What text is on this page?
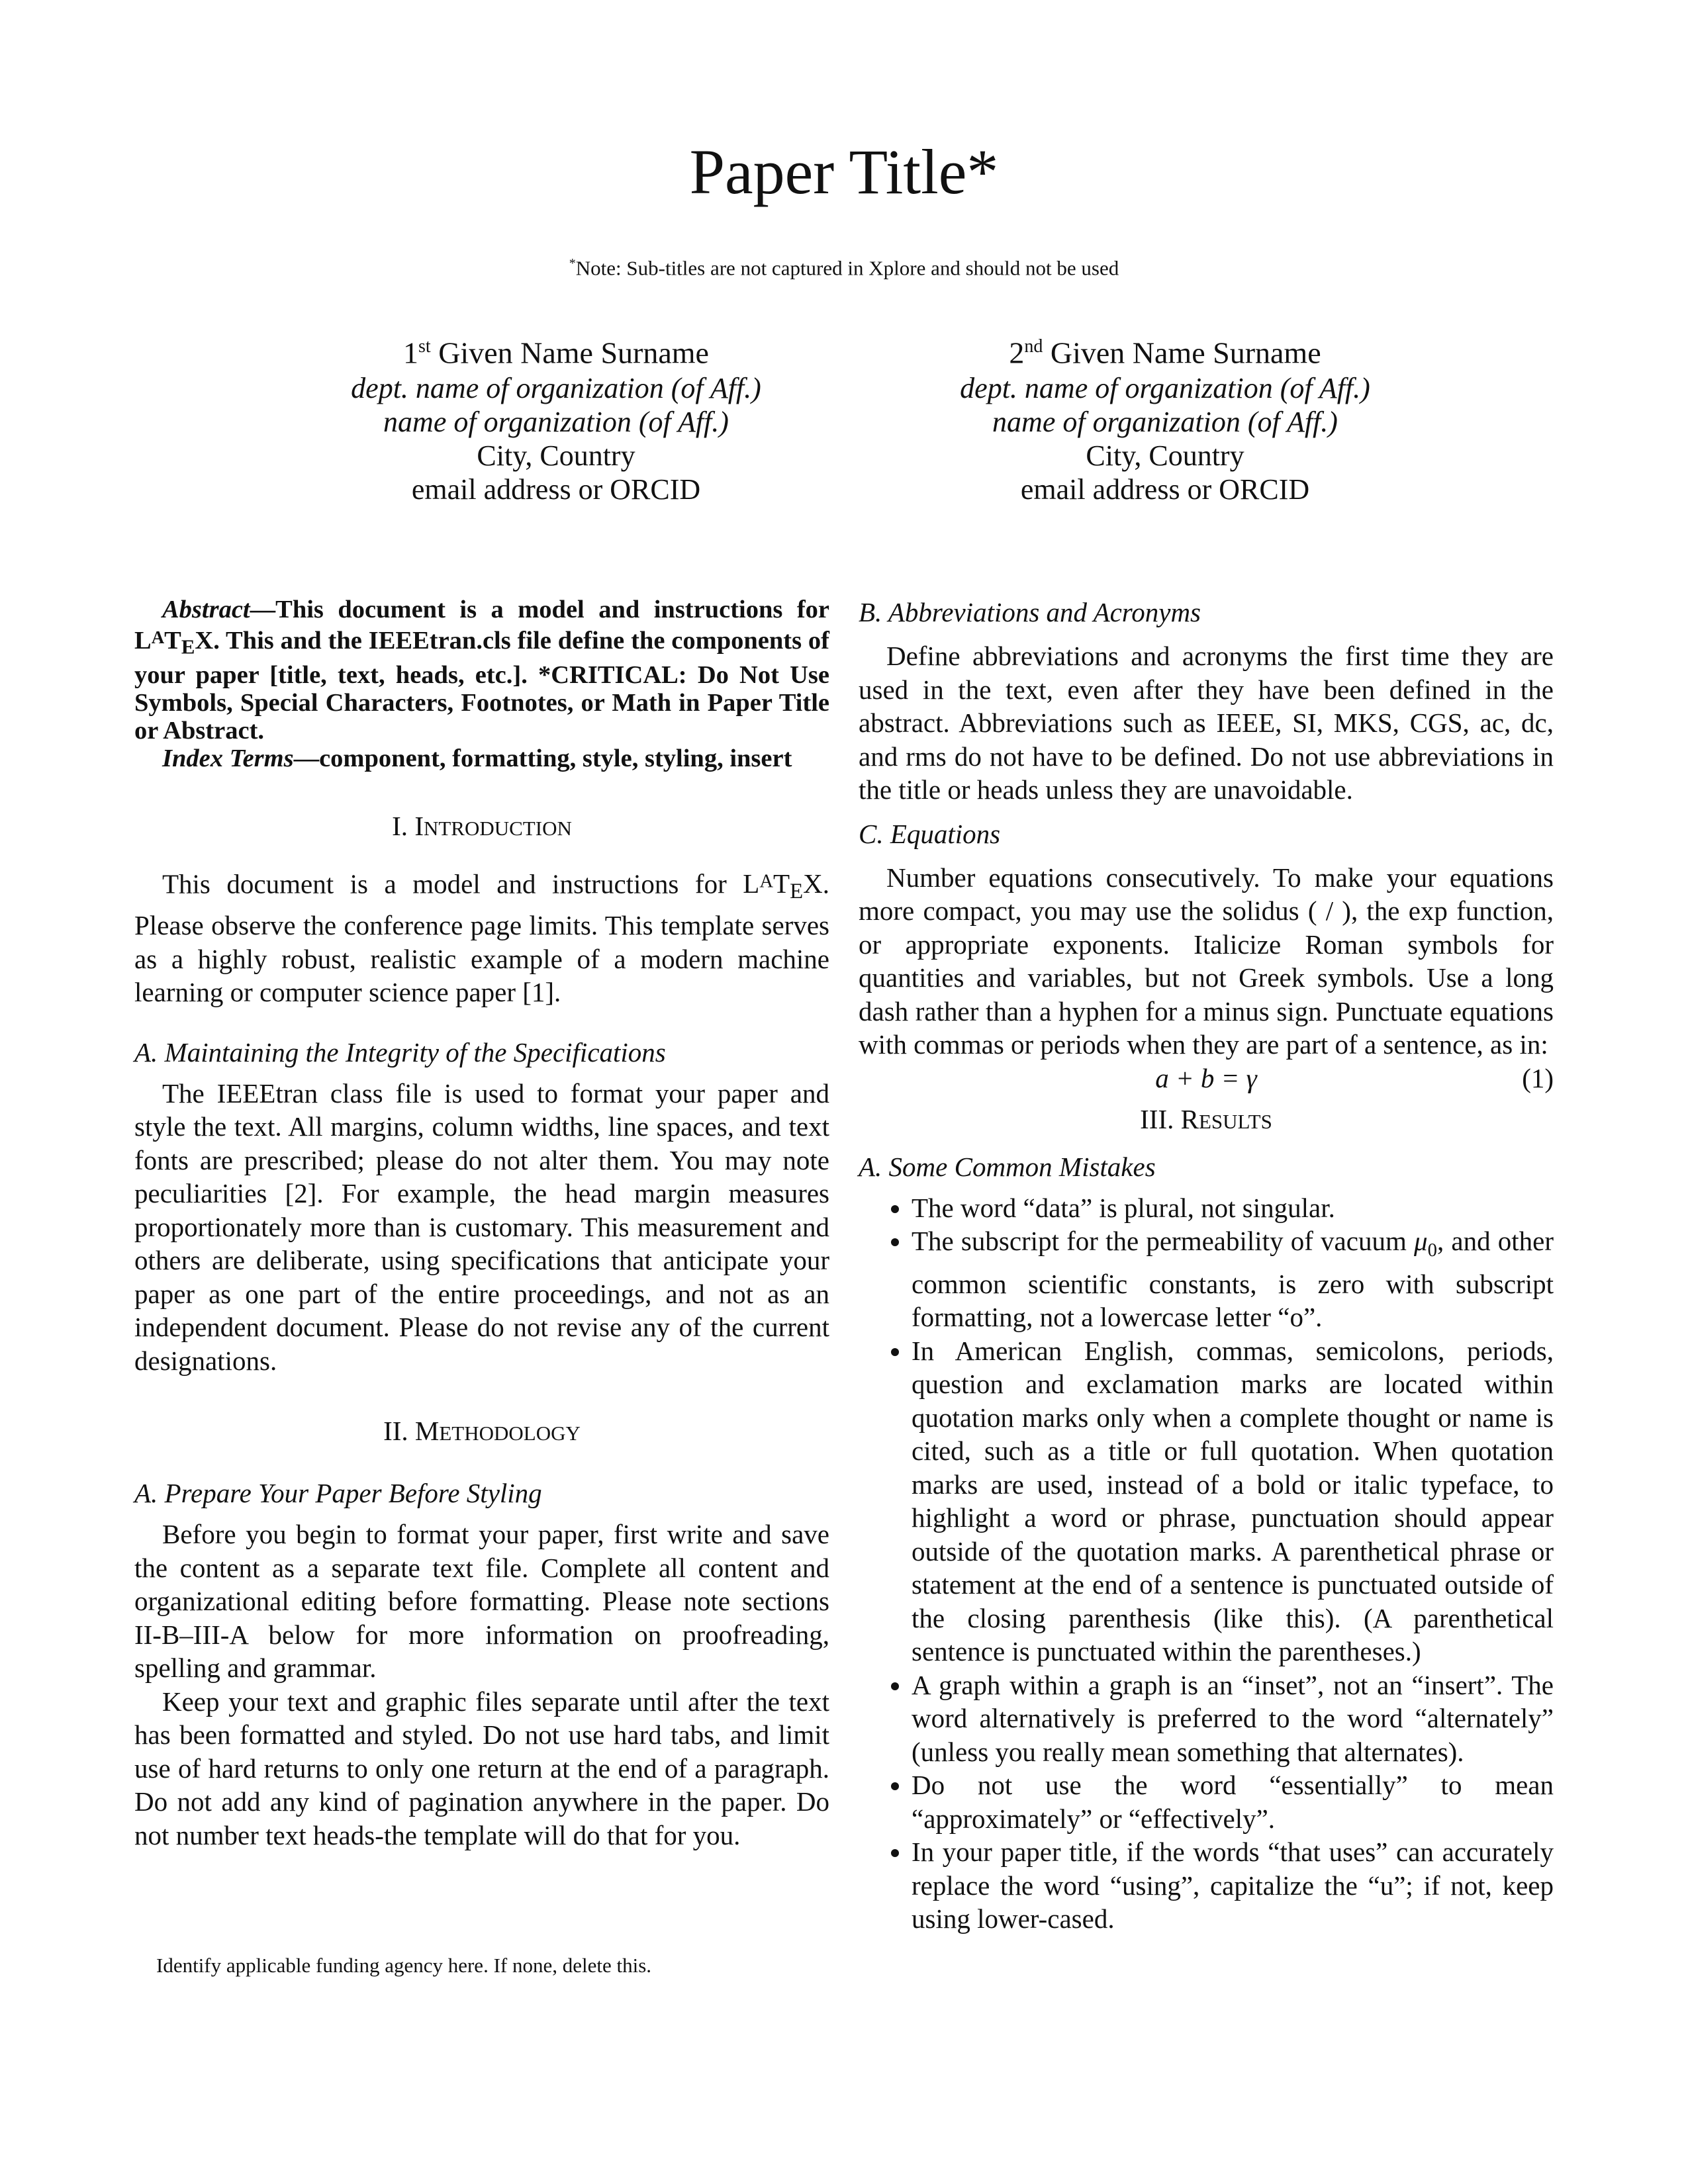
Paper Title*
*Note: Sub-titles are not captured in Xplore and should not be used
1st Given Name Surname
dept. name of organization (of Aff.)
name of organization (of Aff.)
City, Country
email address or ORCID
2nd Given Name Surname
dept. name of organization (of Aff.)
name of organization (of Aff.)
City, Country
email address or ORCID

Abstract—This document is a model and instructions for $L^AT_EX$. This and the IEEEtran.cls file define the components of your paper [title, text, heads, etc.]. *CRITICAL: Do Not Use Symbols, Special Characters, Footnotes, or Math in Paper Title or Abstract.

Index Terms—component, formatting, style, styling, insert

I. INTRODUCTION

This document is a model and instructions for $L^AT_EX$. Please observe the conference page limits. This template serves as a highly robust, realistic example of a modern machine learning or computer science paper [1].

A. Maintaining the Integrity of the Specifications

The IEEEtran class file is used to format your paper and style the text. All margins, column widths, line spaces, and text fonts are prescribed; please do not alter them. You may note peculiarities [2]. For example, the head margin measures proportionately more than is customary. This measurement and others are deliberate, using specifications that anticipate your paper as one part of the entire proceedings, and not as an independent document. Please do not revise any of the current designations.

II. METHODOLOGY
A. Prepare Your Paper Before Styling

Before you begin to format your paper, first write and save the content as a separate text file. Complete all content and organizational editing before formatting. Please note sections II-B–III-A below for more information on proofreading, spelling and grammar.

Keep your text and graphic files separate until after the text has been formatted and styled. Do not use hard tabs, and limit use of hard returns to only one return at the end of a paragraph. Do not add any kind of pagination anywhere in the paper. Do not number text heads-the template will do that for you.

Identify applicable funding agency here. If none, delete this.
B. Abbreviations and Acronyms

Define abbreviations and acronyms the first time they are used in the text, even after they have been defined in the abstract. Abbreviations such as IEEE, SI, MKS, CGS, ac, dc, and rms do not have to be defined. Do not use abbreviations in the title or heads unless they are unavoidable.

C. Equations

Number equations consecutively. To make your equations more compact, you may use the solidus ( / ), the exp function, or appropriate exponents. Italicize Roman symbols for quantities and variables, but not Greek symbols. Use a long dash rather than a hyphen for a minus sign. Punctuate equations with commas or periods when they are part of a sentence, as in:

a + b = γ	(1)
III. RESULTS
A. Some Common Mistakes
• The word “data” is plural, not singular.
• The subscript for the permeability of vacuum $\mu_0$, and other common scientific constants, is zero with subscript formatting, not a lowercase letter “o”.
• In American English, commas, semicolons, periods, question and exclamation marks are located within quotation marks only when a complete thought or name is cited, such as a title or full quotation. When quotation marks are used, instead of a bold or italic typeface, to highlight a word or phrase, punctuation should appear outside of the quotation marks. A parenthetical phrase or statement at the end of a sentence is punctuated outside of the closing parenthesis (like this). (A parenthetical sentence is punctuated within the parentheses.)
• A graph within a graph is an “inset”, not an “insert”. The word alternatively is preferred to the word “alternately” (unless you really mean something that alternates).
• Do not use the word “essentially” to mean “approximately” or “effectively”.
• In your paper title, if the words “that uses” can accurately replace the word “using”, capitalize the “u”; if not, keep using lower-cased.
